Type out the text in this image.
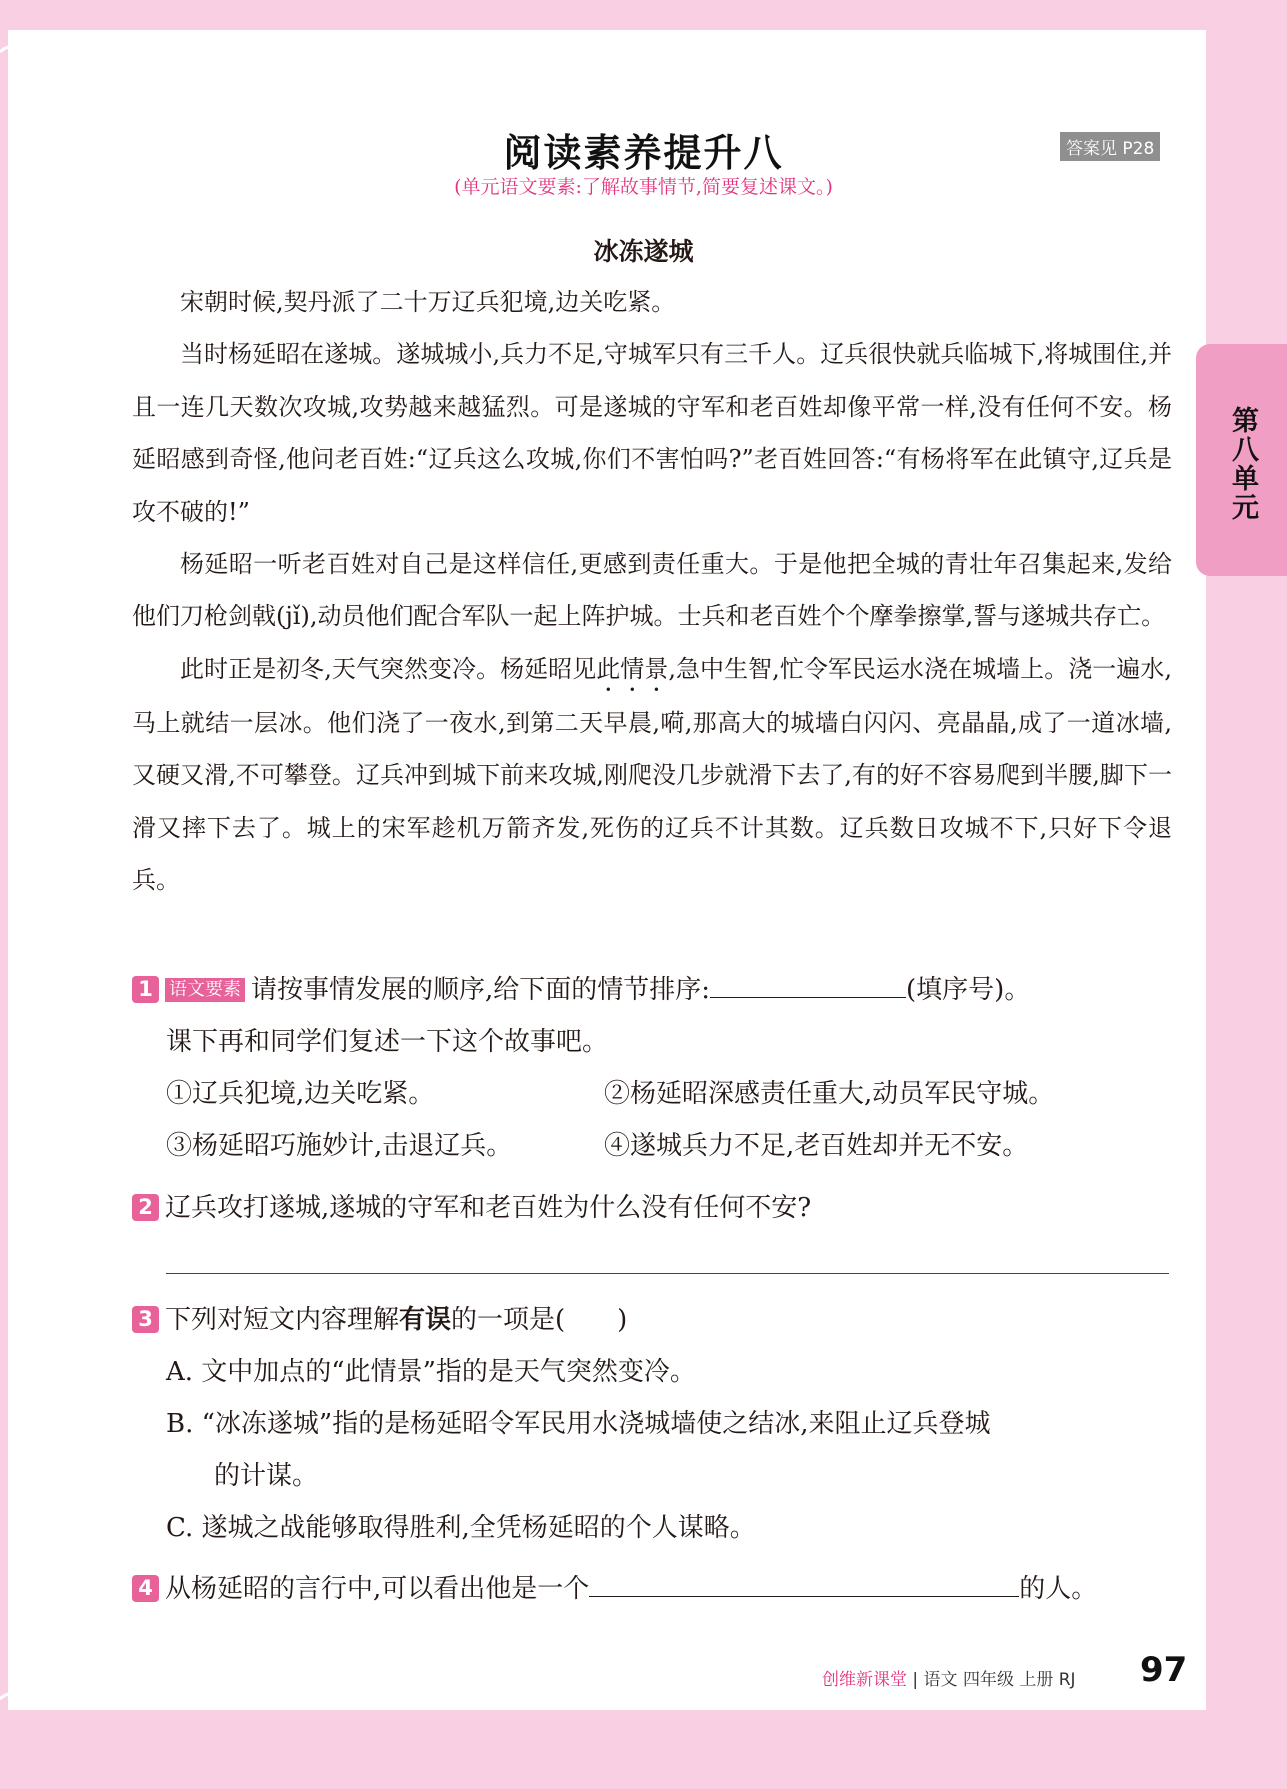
阅读素养提升八	答案见 P28
(单元语文要素:了解故事情节,简要复述课文。)
第八单元
冰冻遂城

宋朝时候,契丹派了二十万辽兵犯境,边关吃紧。

当时杨延昭在遂城。遂城城小,兵力不足,守城军只有三千人。辽兵很快就兵临城下,将城围住,并且一连几天数次攻城,攻势越来越猛烈。可是遂城的守军和老百姓却像平常一样,没有任何不安。杨延昭感到奇怪,他问老百姓:“辽兵这么攻城,你们不害怕吗?”老百姓回答:“有杨将军在此镇守,辽兵是攻不破的!”

杨延昭一听老百姓对自己是这样信任,更感到责任重大。于是他把全城的青壮年召集起来,发给他们刀枪剑戟(jǐ),动员他们配合军队一起上阵护城。士兵和老百姓个个摩拳擦掌,誓与遂城共存亡。

此时正是初冬,天气突然变冷。杨延昭见此情景,急中生智,忙令军民运水浇在城墙上。浇一遍水,马上就结一层冰。他们浇了一夜水,到第二天早晨,嗬,那高大的城墙白闪闪、亮晶晶,成了一道冰墙,又硬又滑,不可攀登。辽兵冲到城下前来攻城,刚爬没几步就滑下去了,有的好不容易爬到半腰,脚下一滑又摔下去了。城上的宋军趁机万箭齐发,死伤的辽兵不计其数。辽兵数日攻城不下,只好下令退兵。

1 语文要素 请按事情发展的顺序,给下面的情节排序:	(填序号)。
课下再和同学们复述一下这个故事吧。
①辽兵犯境,边关吃紧。	②杨延昭深感责任重大,动员军民守城。
③杨延昭巧施妙计,击退辽兵。	④遂城兵力不足,老百姓却并无不安。
2 辽兵攻打遂城,遂城的守军和老百姓为什么没有任何不安?
3 下列对短文内容理解有误的一项是(　　)
A. 文中加点的“此情景”指的是天气突然变冷。
B. “冰冻遂城”指的是杨延昭令军民用水浇城墙使之结冰,来阻止辽兵登城
的计谋。
C. 遂城之战能够取得胜利,全凭杨延昭的个人谋略。
4 从杨延昭的言行中,可以看出他是一个	的人。
创维新课堂 | 语文 四年级 上册 RJ 97
